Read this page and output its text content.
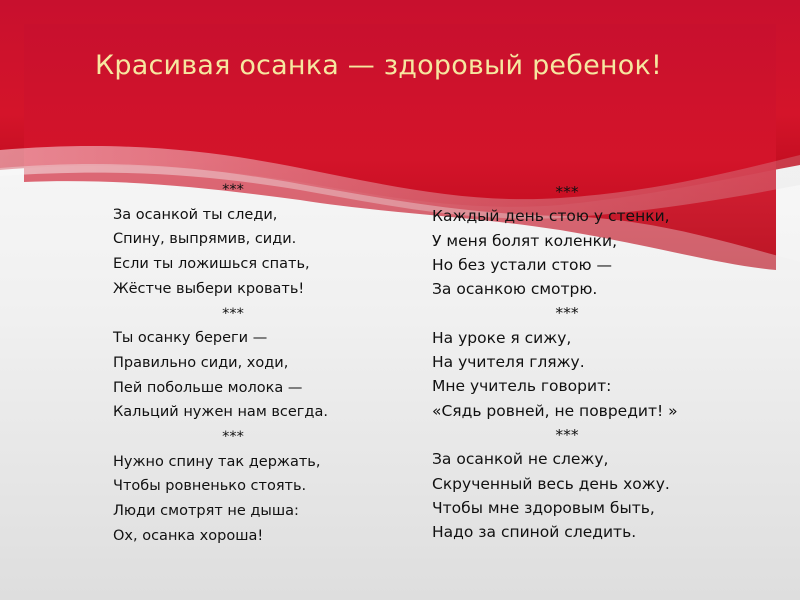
Красивая осанка — здоровый ребенок!
***
За осанкой ты следи,
Спину, выпрямив, сиди.
Если ты ложишься спать,
Жёстче выбери кровать!
***
Ты осанку береги —
Правильно сиди, ходи,
Пей побольше молока —
Кальций нужен нам всегда.
***
Нужно спину так держать,
Чтобы ровненько стоять.
Люди смотрят не дыша:
Ох, осанка хороша!
***
Каждый день стою у стенки,
У меня болят коленки,
Но без устали стою —
За осанкою смотрю.
***
На уроке я сижу,
На учителя гляжу.
Мне учитель говорит:
«Сядь ровней, не повредит! »
***
За осанкой не слежу,
Скрученный весь день хожу.
Чтобы мне здоровым быть,
Надо за спиной следить.
